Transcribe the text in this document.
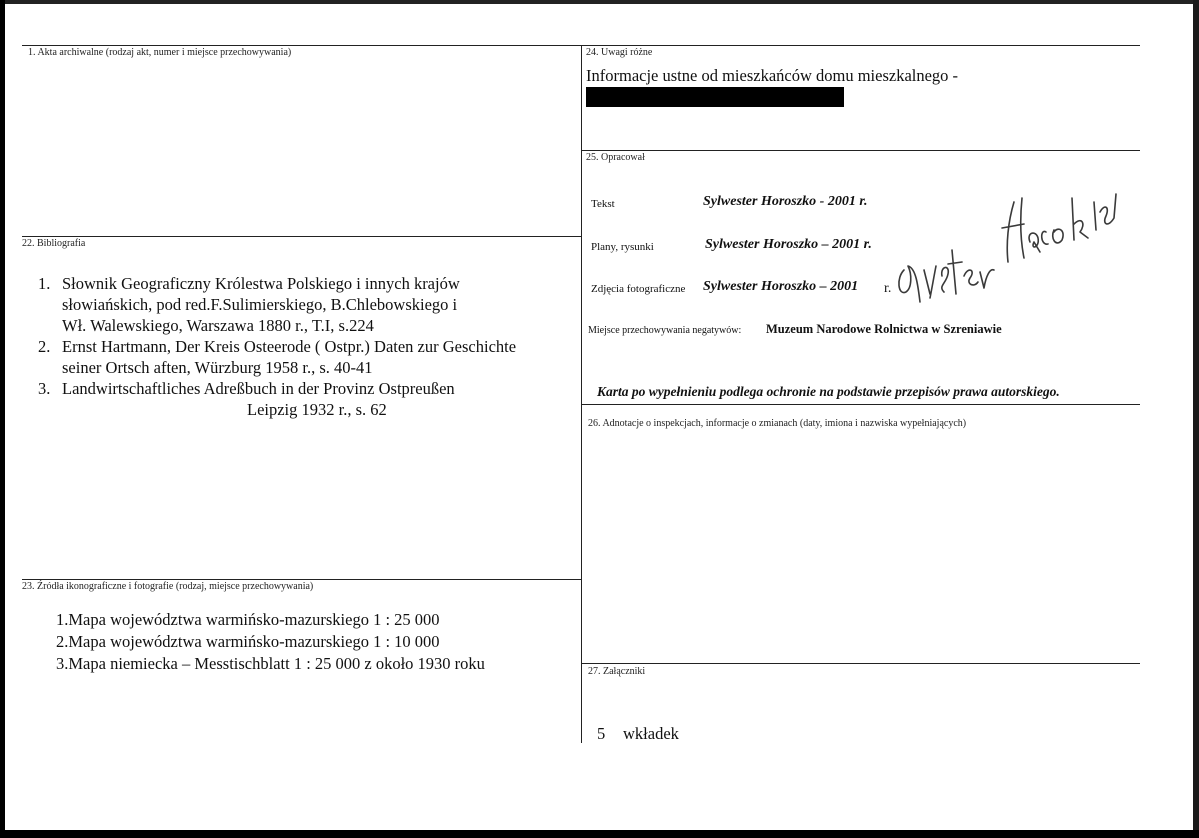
1. Akta archiwalne (rodzaj akt, numer i miejsce przechowywania)
22. Bibliografia
1. Słownik Geograficzny Królestwa Polskiego i innych krajów
słowiańskich, pod red.F.Sulimierskiego, B.Chlebowskiego i
Wł. Walewskiego, Warszawa 1880 r., T.I, s.224
2. Ernst Hartmann, Der Kreis Osteerode ( Ostpr.) Daten zur Geschichte
seiner Ortsch aften, Würzburg 1958 r., s. 40-41
3. Landwirtschaftliches Adreßbuch in der Provinz Ostpreußen
Leipzig 1932 r., s. 62
23. Źródła ikonograficzne i fotografie (rodzaj, miejsce przechowywania)
1.Mapa województwa warmińsko-mazurskiego 1 : 25 000
2.Mapa województwa warmińsko-mazurskiego 1 : 10 000
3.Mapa niemiecka – Messtischblatt 1 : 25 000 z około 1930 roku
24. Uwagi różne
Informacje ustne od mieszkańców domu mieszkalnego -
25. Opracował
Tekst	Sylwester Horoszko - 2001 r.
Plany, rysunki	Sylwester Horoszko – 2001 r.
Zdjęcia fotograficzne Sylwester Horoszko – 2001 r.
Miejsce przechowywania negatywów: Muzeum Narodowe Rolnictwa w Szreniawie
Karta po wypełnieniu podlega ochronie na podstawie przepisów prawa autorskiego.
26. Adnotacje o inspekcjach, informacje o zmianach (daty, imiona i nazwiska wypełniających)
27. Załączniki
5 wkładek
